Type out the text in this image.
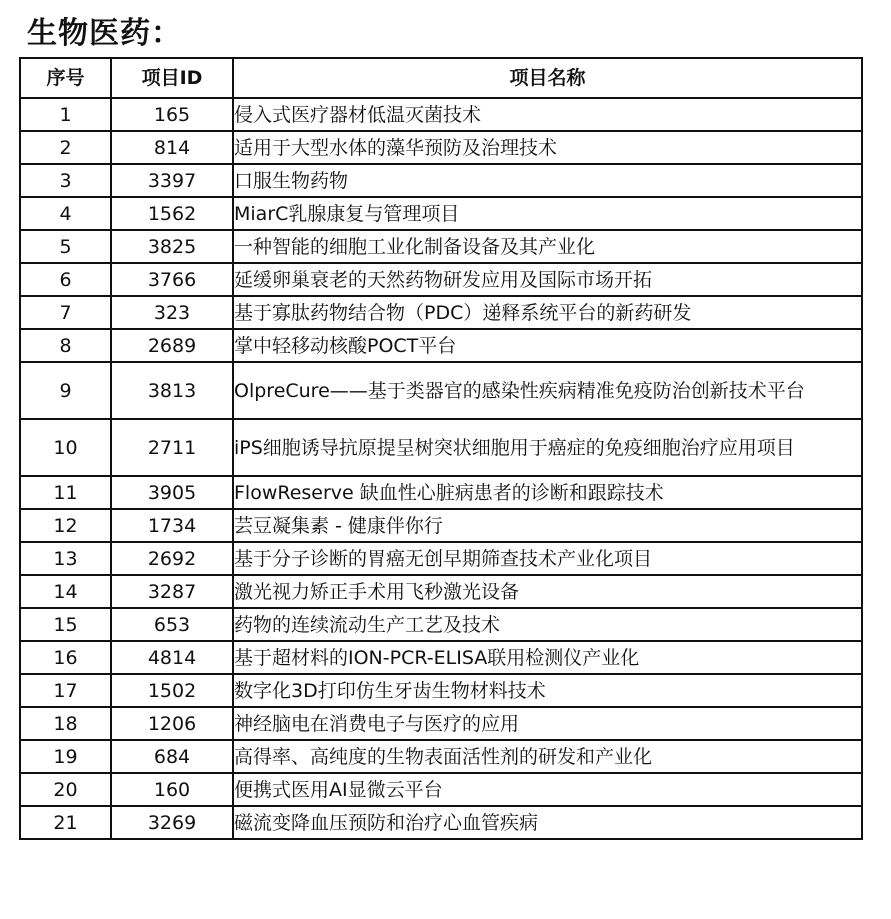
生物医药：
序号	项目ID	项目名称
1	165	侵入式医疗器材低温灭菌技术
2	814	适用于大型水体的藻华预防及治理技术
3	3397	口服生物药物
4	1562	MiarC乳腺康复与管理项目
5	3825	一种智能的细胞工业化制备设备及其产业化
6	3766	延缓卵巢衰老的天然药物研发应用及国际市场开拓
7	323	基于寡肽药物结合物（PDC）递释系统平台的新药研发
8	2689	掌中轻移动核酸POCT平台
9	3813	OlpreCure——基于类器官的感染性疾病精准免疫防治创新技术平台
10	2711	iPS细胞诱导抗原提呈树突状细胞用于癌症的免疫细胞治疗应用项目
11	3905	FlowReserve 缺血性心脏病患者的诊断和跟踪技术
12	1734	芸豆凝集素 - 健康伴你行
13	2692	基于分子诊断的胃癌无创早期筛查技术产业化项目
14	3287	激光视力矫正手术用飞秒激光设备
15	653	药物的连续流动生产工艺及技术
16	4814	基于超材料的ION-PCR-ELISA联用检测仪产业化
17	1502	数字化3D打印仿生牙齿生物材料技术
18	1206	神经脑电在消费电子与医疗的应用
19	684	高得率、高纯度的生物表面活性剂的研发和产业化
20	160	便携式医用AI显微云平台
21	3269	磁流变降血压预防和治疗心血管疾病
